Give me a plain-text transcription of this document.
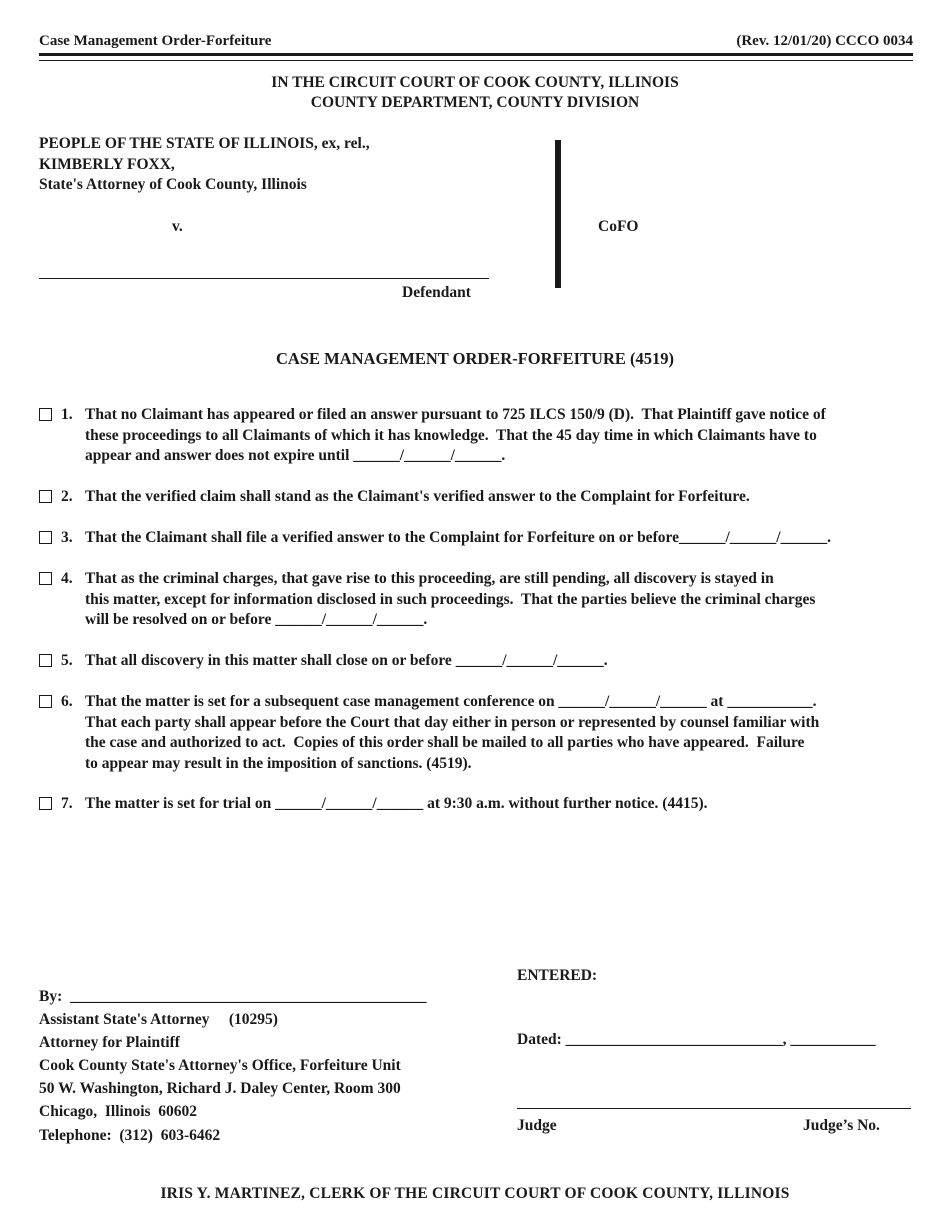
Case Management Order-Forfeiture	(Rev. 12/01/20) CCCO 0034
IN THE CIRCUIT COURT OF COOK COUNTY, ILLINOIS
COUNTY DEPARTMENT, COUNTY DIVISION
PEOPLE OF THE STATE OF ILLINOIS, ex, rel.,
KIMBERLY FOXX,
State's Attorney of Cook County, Illinois
v.	CoFO
Defendant
CASE MANAGEMENT ORDER-FORFEITURE (4519)
1. That no Claimant has appeared or filed an answer pursuant to 725 ILCS 150/9 (D).  That Plaintiff gave notice of
these proceedings to all Claimants of which it has knowledge.  That the 45 day time in which Claimants have to
appear and answer does not expire until ______/______/______.
2. That the verified claim shall stand as the Claimant's verified answer to the Complaint for Forfeiture.
3. That the Claimant shall file a verified answer to the Complaint for Forfeiture on or before______/______/______.
4. That as the criminal charges, that gave rise to this proceeding, are still pending, all discovery is stayed in
this matter, except for information disclosed in such proceedings.  That the parties believe the criminal charges
will be resolved on or before ______/______/______.
5. That all discovery in this matter shall close on or before ______/______/______.
6. That the matter is set for a subsequent case management conference on ______/______/______ at ___________.
That each party shall appear before the Court that day either in person or represented by counsel familiar with
the case and authorized to act.  Copies of this order shall be mailed to all parties who have appeared.  Failure
to appear may result in the imposition of sanctions. (4519).
7. The matter is set for trial on ______/______/______ at 9:30 a.m. without further notice. (4415).
By:  ______________________________________________
Assistant State's Attorney     (10295)
Attorney for Plaintiff
Cook County State's Attorney's Office, Forfeiture Unit
50 W. Washington, Richard J. Daley Center, Room 300
Chicago,  Illinois  60602
Telephone:  (312)  603-6462
ENTERED:
Dated: ____________________________, ___________
Judge	Judge’s No.
IRIS Y. MARTINEZ, CLERK OF THE CIRCUIT COURT OF COOK COUNTY, ILLINOIS
